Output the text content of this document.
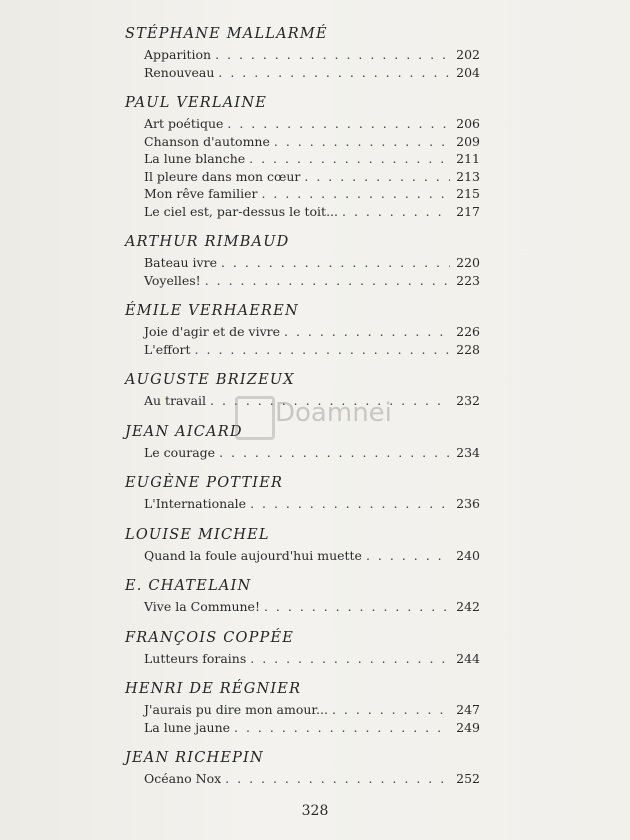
STÉPHANE MALLARMÉ
Apparition . . .	202
Renouveau . . .	204
PAUL VERLAINE
Art poétique . . .	206
Chanson d'automne . . .	209
La lune blanche . . .	211
Il pleure dans mon cœur . . .	213
Mon rêve familier . . .	215
Le ciel est, par-dessus le toit... . . .	217
ARTHUR RIMBAUD
Bateau ivre . . .	220
Voyelles! . . .	223
ÉMILE VERHAEREN
Joie d'agir et de vivre . . .	226
L'effort . . .	228
AUGUSTE BRIZEUX
Au travail . . .	232
JEAN AICARD
Le courage . . .	234
EUGÈNE POTTIER
L'Internationale . . .	236
LOUISE MICHEL
Quand la foule aujourd'hui muette . . .	240
E. CHATELAIN
Vive la Commune! . . .	242
FRANÇOIS COPPÉE
Lutteurs forains . . .	244
HENRI DE RÉGNIER
J'aurais pu dire mon amour... . . .	247
La lune jaune . . .	249
JEAN RICHEPIN
Océano Nox . . .	252
Doamnei
328
